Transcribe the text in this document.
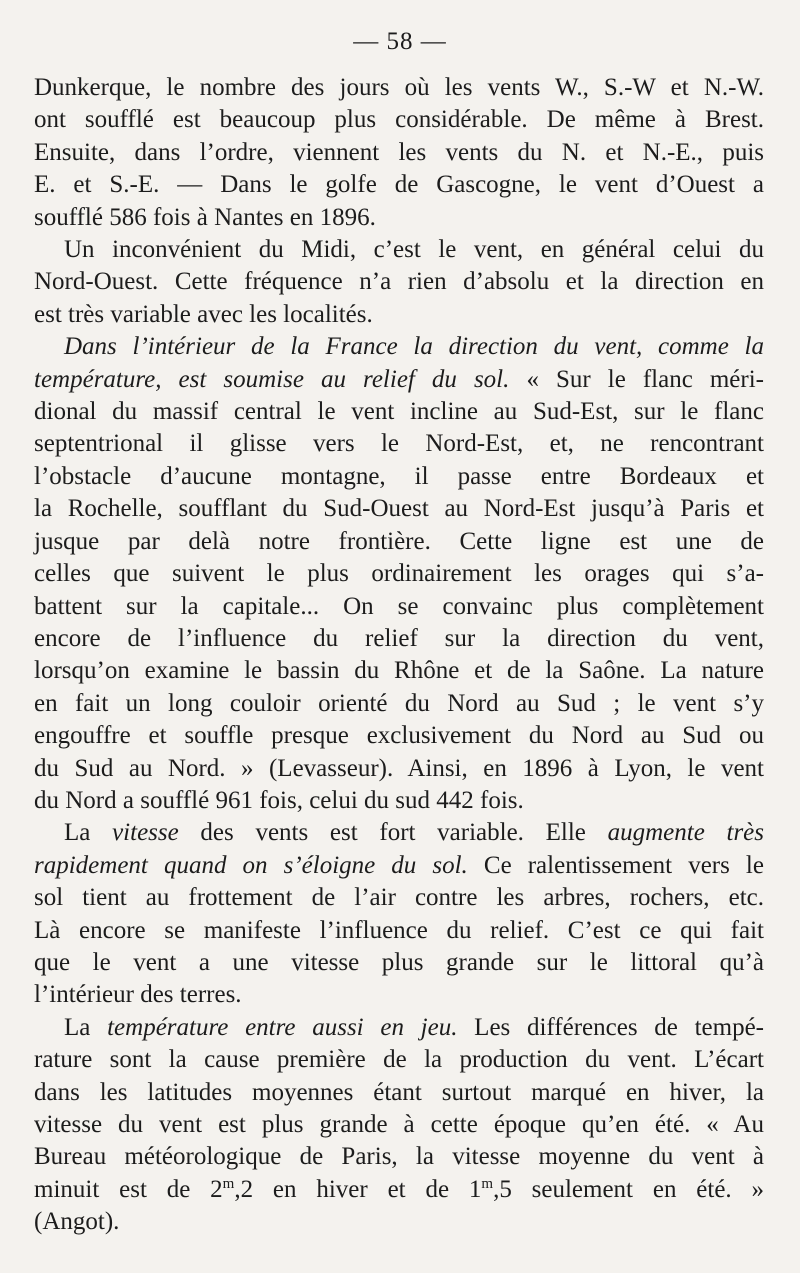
— 58 —

Dunkerque, le nombre des jours où les vents W., S.-W et N.-W.
ont soufflé est beaucoup plus considérable. De même à Brest.
Ensuite, dans l’ordre, viennent les vents du N. et N.-E., puis
E. et S.-E. — Dans le golfe de Gascogne, le vent d’Ouest a
soufflé 586 fois à Nantes en 1896.

Un inconvénient du Midi, c’est le vent, en général celui du
Nord-Ouest. Cette fréquence n’a rien d’absolu et la direction en
est très variable avec les localités.

Dans l’intérieur de la France la direction du vent, comme la
température, est soumise au relief du sol. « Sur le flanc méri-
dional du massif central le vent incline au Sud-Est, sur le flanc
septentrional il glisse vers le Nord-Est, et, ne rencontrant
l’obstacle d’aucune montagne, il passe entre Bordeaux et
la Rochelle, soufflant du Sud-Ouest au Nord-Est jusqu’à Paris et
jusque par delà notre frontière. Cette ligne est une de
celles que suivent le plus ordinairement les orages qui s’a-
battent sur la capitale... On se convainc plus complètement
encore de l’influence du relief sur la direction du vent,
lorsqu’on examine le bassin du Rhône et de la Saône. La nature
en fait un long couloir orienté du Nord au Sud ; le vent s’y
engouffre et souffle presque exclusivement du Nord au Sud ou
du Sud au Nord. » (Levasseur). Ainsi, en 1896 à Lyon, le vent
du Nord a soufflé 961 fois, celui du sud 442 fois.

La vitesse des vents est fort variable. Elle augmente très
rapidement quand on s’éloigne du sol. Ce ralentissement vers le
sol tient au frottement de l’air contre les arbres, rochers, etc.
Là encore se manifeste l’influence du relief. C’est ce qui fait
que le vent a une vitesse plus grande sur le littoral qu’à
l’intérieur des terres.

La température entre aussi en jeu. Les différences de tempé-
rature sont la cause première de la production du vent. L’écart
dans les latitudes moyennes étant surtout marqué en hiver, la
vitesse du vent est plus grande à cette époque qu’en été. « Au
Bureau météorologique de Paris, la vitesse moyenne du vent à
minuit est de 2$^m$,2 en hiver et de 1$^m$,5 seulement en été. »
(Angot).
